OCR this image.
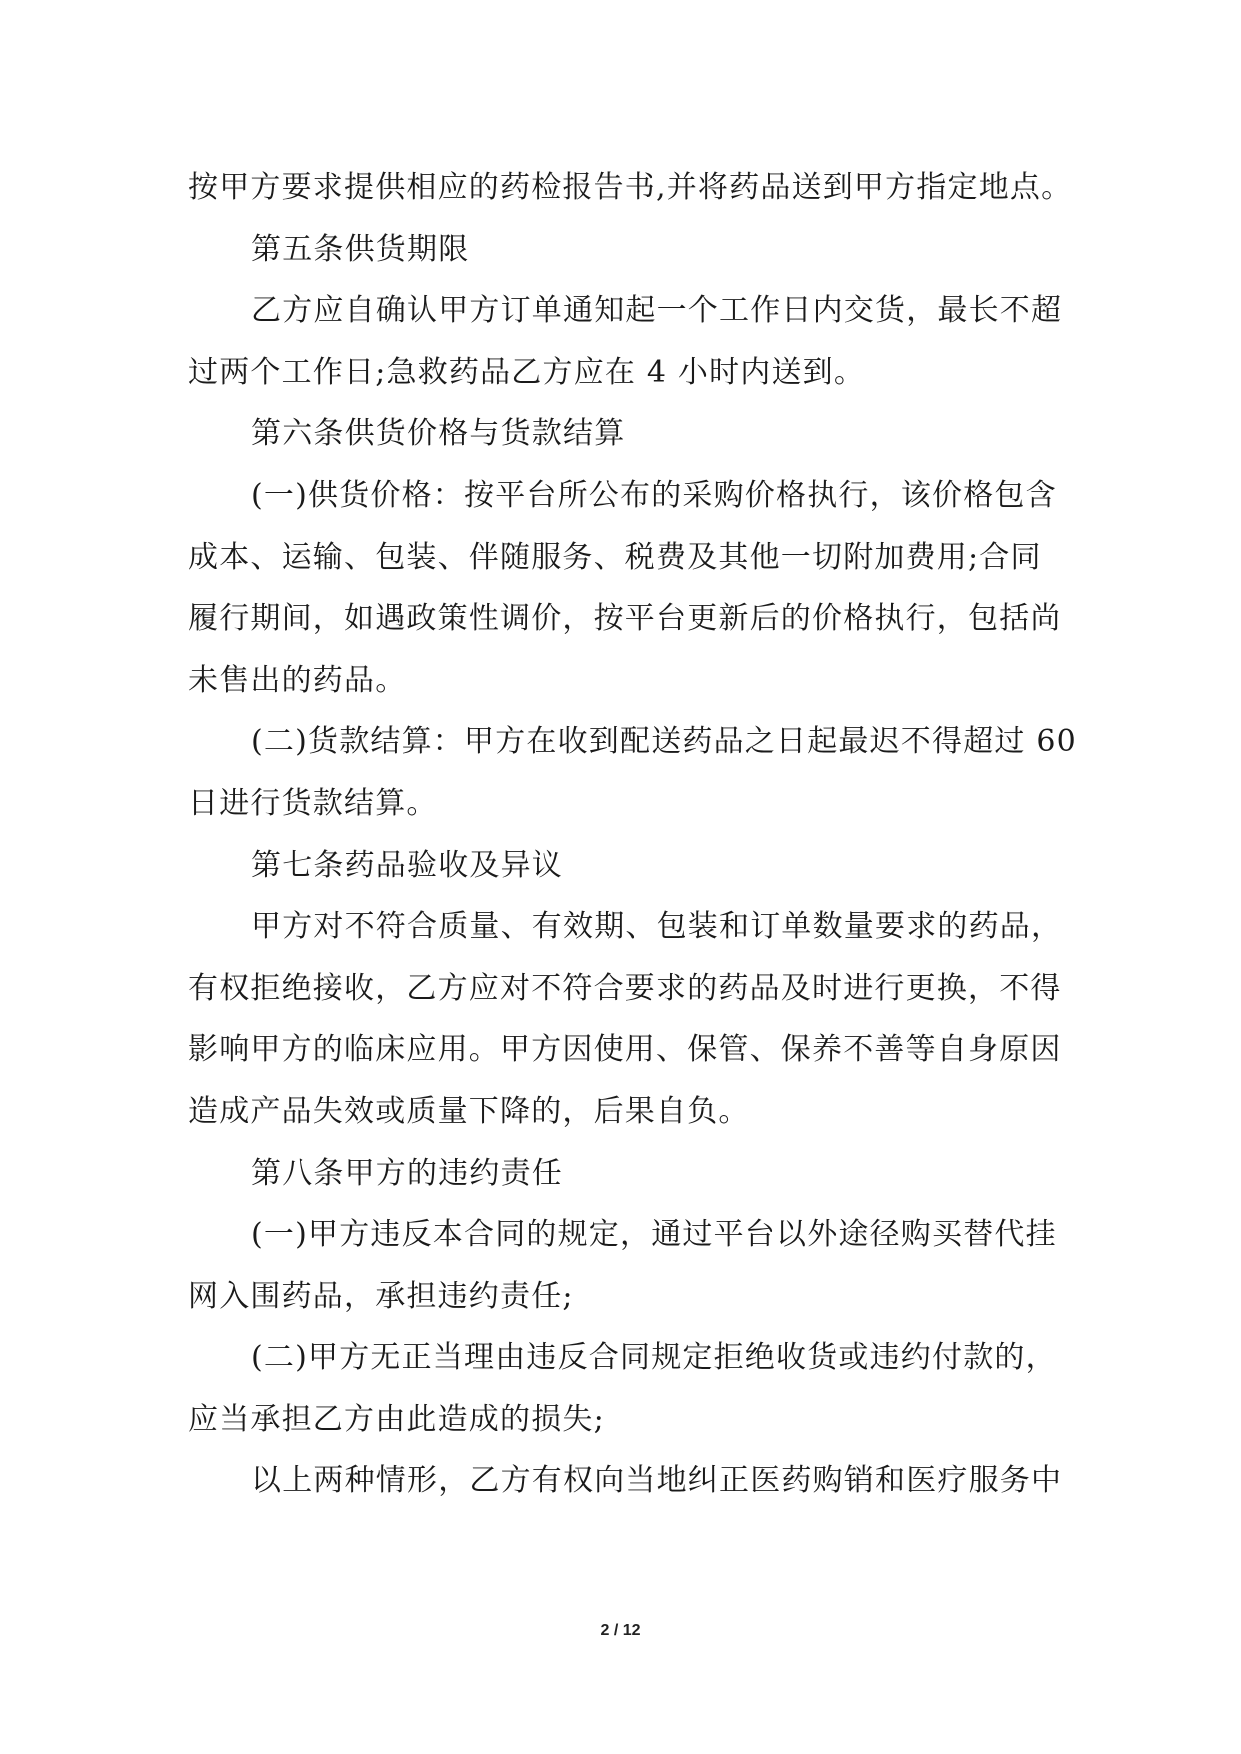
按甲方要求提供相应的药检报告书,并将药品送到甲方指定地点。
第五条供货期限
乙方应自确认甲方订单通知起一个工作日内交货，最长不超
过两个工作日;急救药品乙方应在 4 小时内送到。
第六条供货价格与货款结算
(一)供货价格：按平台所公布的采购价格执行，该价格包含
成本、运输、包装、伴随服务、税费及其他一切附加费用;合同
履行期间，如遇政策性调价，按平台更新后的价格执行，包括尚
未售出的药品。
(二)货款结算：甲方在收到配送药品之日起最迟不得超过 60
日进行货款结算。
第七条药品验收及异议
甲方对不符合质量、有效期、包装和订单数量要求的药品，
有权拒绝接收，乙方应对不符合要求的药品及时进行更换，不得
影响甲方的临床应用。甲方因使用、保管、保养不善等自身原因
造成产品失效或质量下降的，后果自负。
第八条甲方的违约责任
(一)甲方违反本合同的规定，通过平台以外途径购买替代挂
网入围药品，承担违约责任;
(二)甲方无正当理由违反合同规定拒绝收货或违约付款的，
应当承担乙方由此造成的损失;
以上两种情形，乙方有权向当地纠正医药购销和医疗服务中
2 / 12
